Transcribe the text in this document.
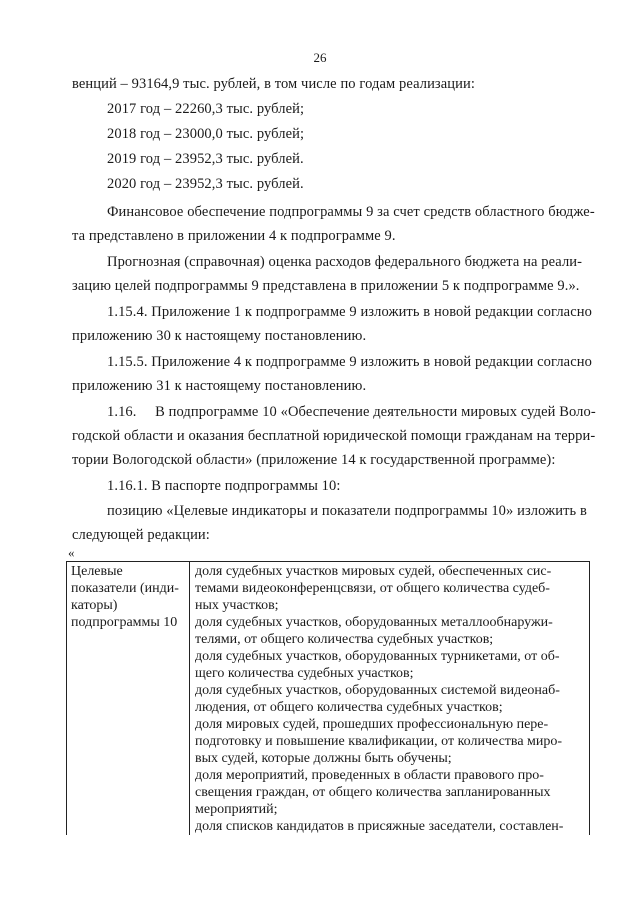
26
венций – 93164,9 тыс. рублей, в том числе по годам реализации:
2017 год – 22260,3 тыс. рублей;
2018 год – 23000,0 тыс. рублей;
2019 год – 23952,3 тыс. рублей.
2020 год – 23952,3 тыс. рублей.
Финансовое обеспечение подпрограммы 9 за счет средств областного бюдже-
та представлено в приложении 4 к подпрограмме 9.
Прогнозная (справочная) оценка расходов федерального бюджета на реали-
зацию целей подпрограммы 9 представлена в приложении 5 к подпрограмме 9.».
1.15.4. Приложение 1 к подпрограмме 9 изложить в новой редакции согласно
приложению 30 к настоящему постановлению.
1.15.5. Приложение 4 к подпрограмме 9 изложить в новой редакции согласно
приложению 31 к настоящему постановлению.
1.16.     В подпрограмме 10 «Обеспечение деятельности мировых судей Воло-
годской области и оказания бесплатной юридической помощи гражданам на терри-
тории Вологодской области» (приложение 14 к государственной программе):
1.16.1. В паспорте подпрограммы 10:
позицию «Целевые индикаторы и показатели подпрограммы 10» изложить в
следующей редакции:
«
Целевые
показатели (инди-
каторы)
подпрограммы 10
доля судебных участков мировых судей, обеспеченных сис-
темами видеоконференцсвязи, от общего количества судеб-
ных участков;
доля судебных участков, оборудованных металлообнаружи-
телями, от общего количества судебных участков;
доля судебных участков, оборудованных турникетами, от об-
щего количества судебных участков;
доля судебных участков, оборудованных системой видеонаб-
людения, от общего количества судебных участков;
доля мировых судей, прошедших профессиональную пере-
подготовку и повышение квалификации, от количества миро-
вых судей, которые должны быть обучены;
доля мероприятий, проведенных в области правового про-
свещения граждан, от общего количества запланированных
мероприятий;
доля списков кандидатов в присяжные заседатели, составлен-
